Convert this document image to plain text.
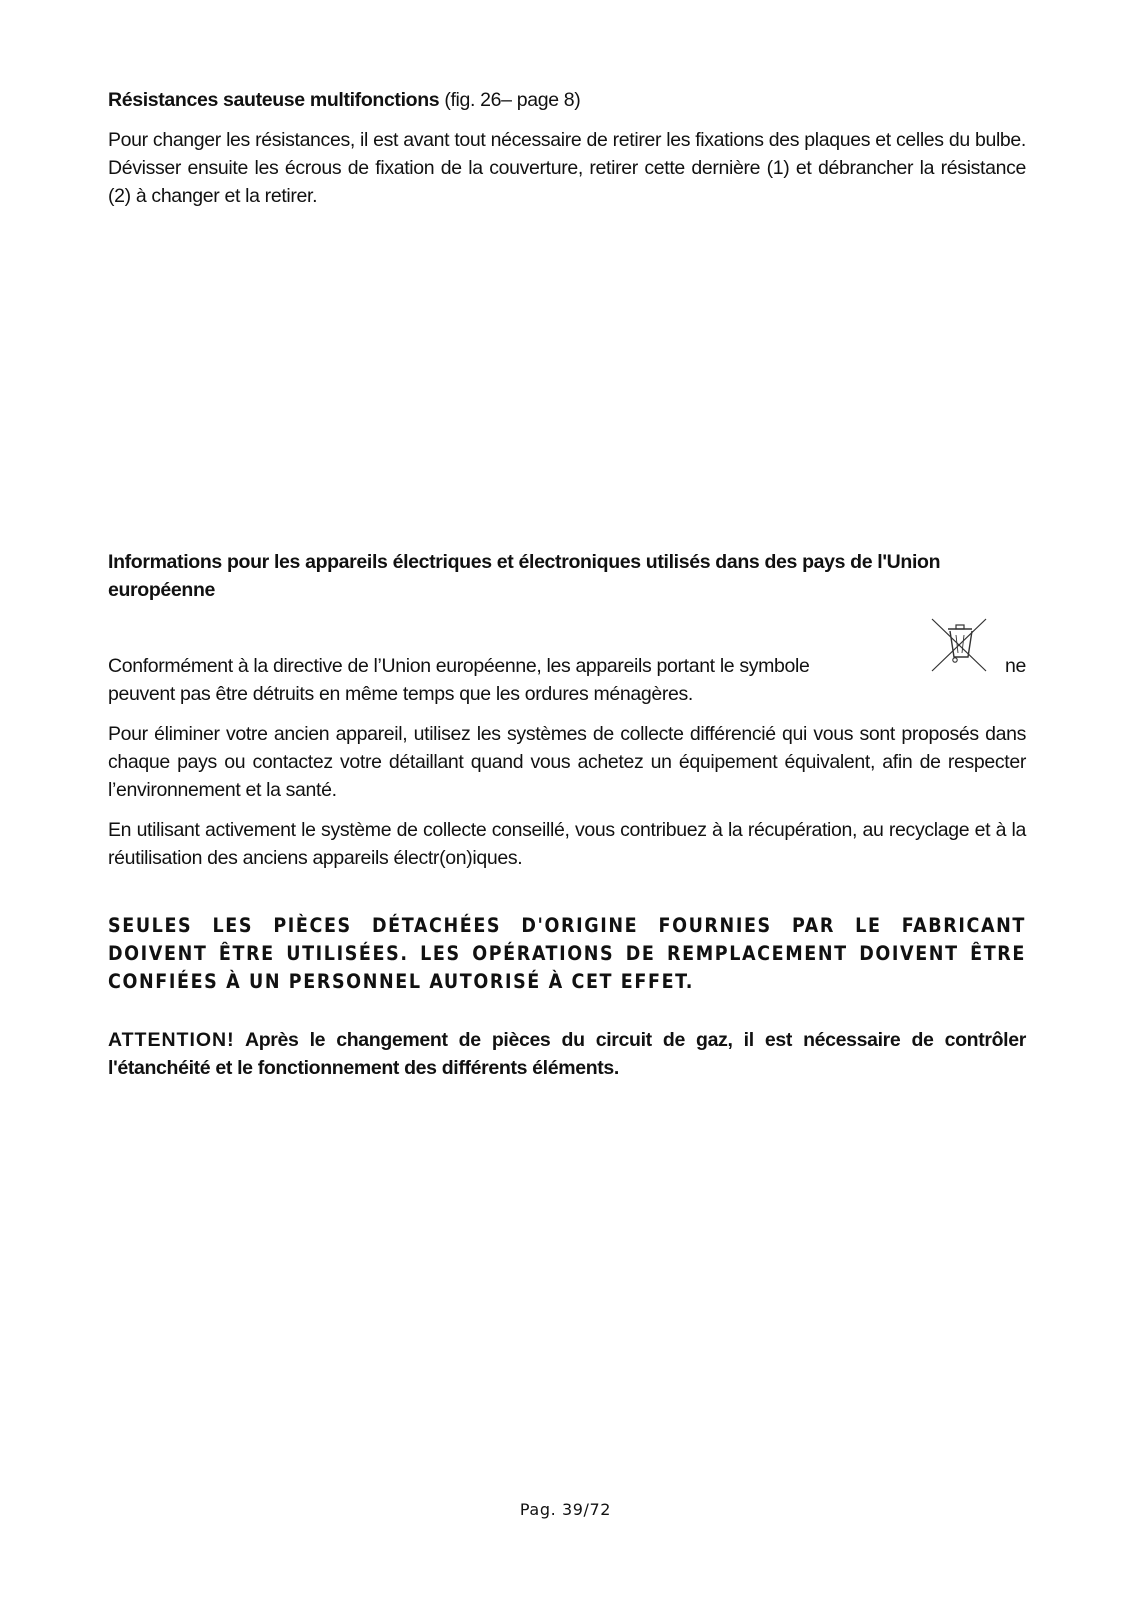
Résistances sauteuse multifonctions (fig. 26– page 8)
Pour changer les résistances, il est avant tout nécessaire de retirer les fixations des plaques et celles du bulbe. Dévisser ensuite les écrous de fixation de la couverture, retirer cette dernière (1) et débrancher la résistance (2) à changer et la retirer.
Informations pour les appareils électriques et électroniques utilisés dans des pays de l'Union européenne
Conformément à la directive de l’Union européenne, les appareils portant le symbole	ne
peuvent pas être détruits en même temps que les ordures ménagères.
Pour éliminer votre ancien appareil, utilisez les systèmes de collecte différencié qui vous sont proposés dans chaque pays ou contactez votre détaillant quand vous achetez un équipement équivalent, afin de respecter l’environnement et la santé.
En utilisant activement le système de collecte conseillé, vous contribuez à la récupération, au recyclage et à la réutilisation des anciens appareils électr(on)iques.
SEULES LES PIÈCES DÉTACHÉES D'ORIGINE FOURNIES PAR LE FABRICANT DOIVENT ÊTRE UTILISÉES. LES OPÉRATIONS DE REMPLACEMENT DOIVENT ÊTRE CONFIÉES À UN PERSONNEL AUTORISÉ À CET EFFET.
ATTENTION! Après le changement de pièces du circuit de gaz, il est nécessaire de contrôler l'étanchéité et le fonctionnement des différents éléments.
Pag. 39/72
